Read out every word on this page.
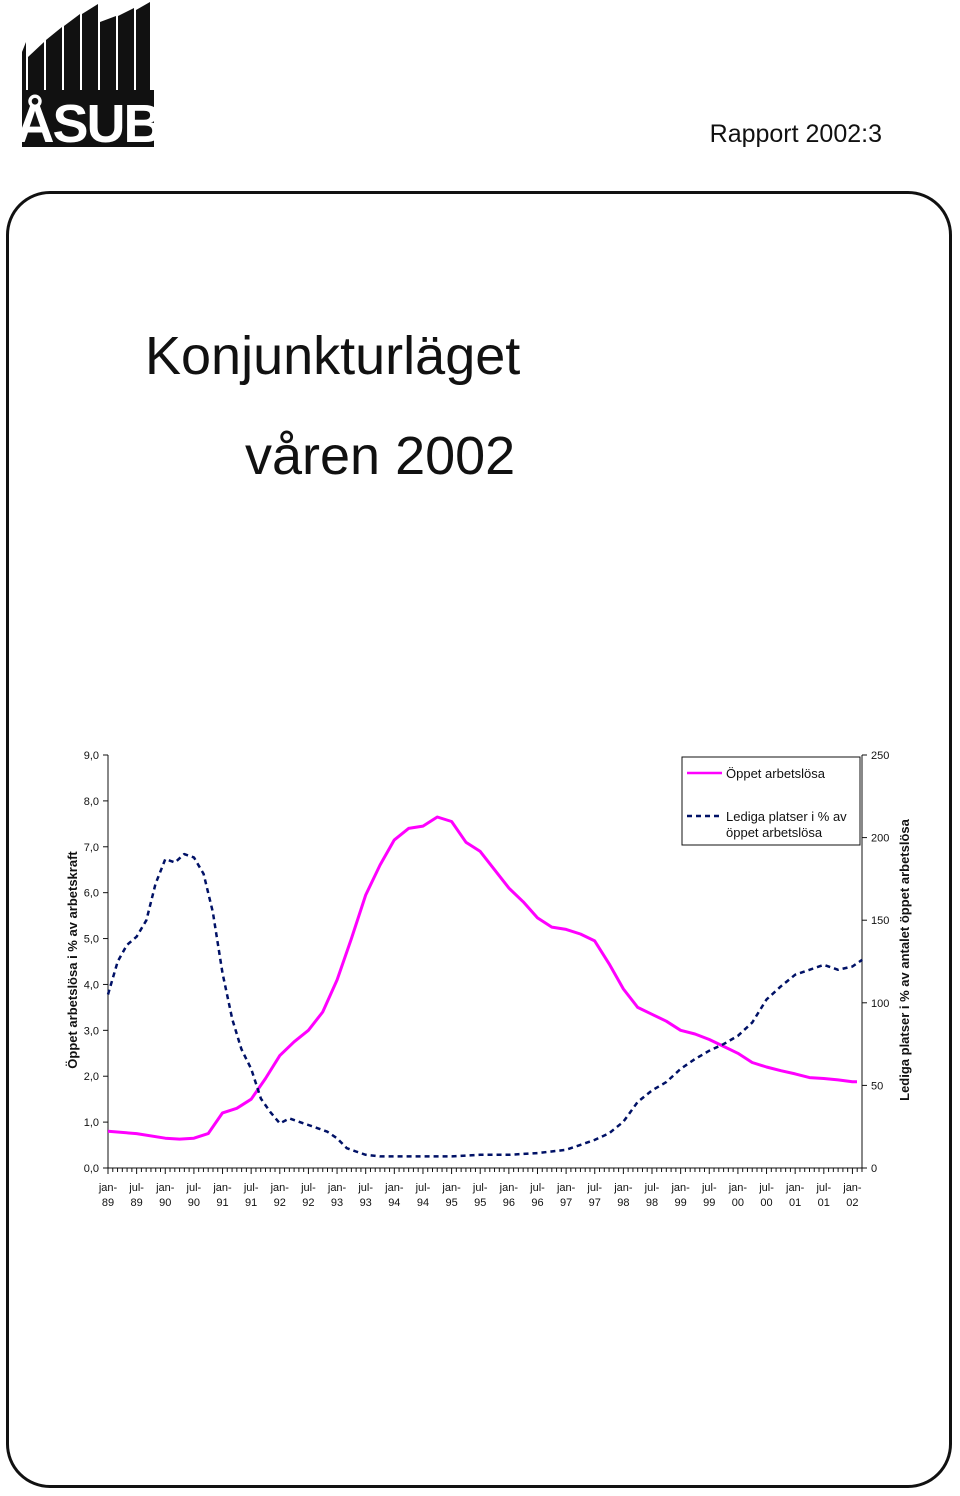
ÅSUB	Rapport 2002:3
Konjunkturläget
våren 2002
0,0
1,0
2,0
3,0
4,0
5,0
6,0
7,0
8,0
9,0
0
50
100
150
200
250
jan-89
jul-89
jan-90
jul-90
jan-91
jul-91
jan-92
jul-92
jan-93
jul-93
jan-94
jul-94
jan-95
jul-95
jan-96
jul-96
jan-97
jul-97
jan-98
jul-98
jan-99
jul-99
jan-00
jul-00
jan-01
jul-01
jan-02
Öppet arbetslösa i % av arbetskraft	Lediga platser i % av antalet öppet arbetslösa
Öppet arbetslösa
Lediga platser i % av öppet arbetslösa
